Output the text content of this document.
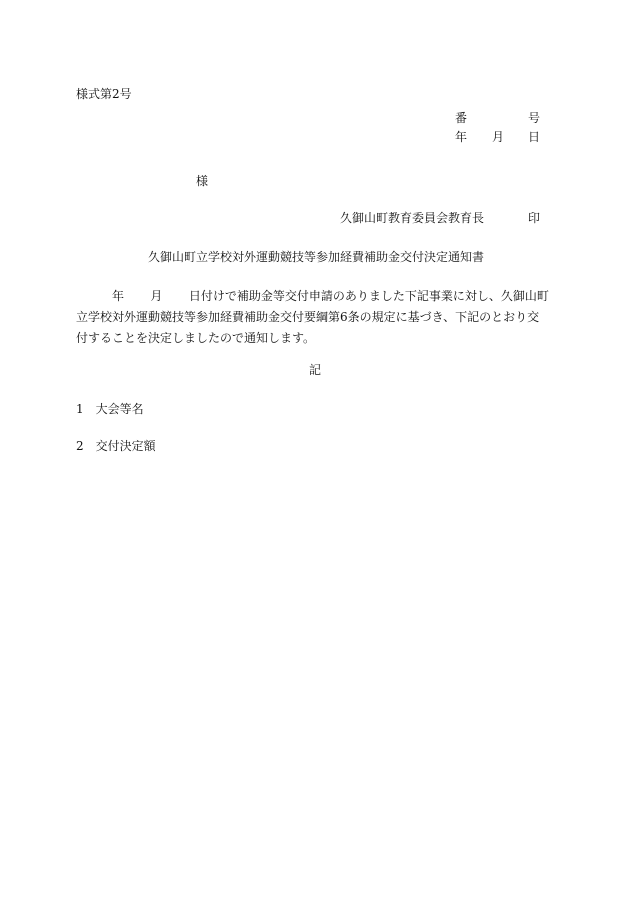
様式第2号
番	号
年 月 日
様
久御山町教育委員会教育長	印
久御山町立学校対外運動競技等参加経費補助金交付決定通知書
年 月 日付けで補助金等交付申請のありました下記事業に対し、久御山町立学校対外運動競技等参加経費補助金交付要綱第6条の規定に基づき、下記のとおり交付することを決定しましたので通知します。
記
1 大会等名
2 交付決定額
